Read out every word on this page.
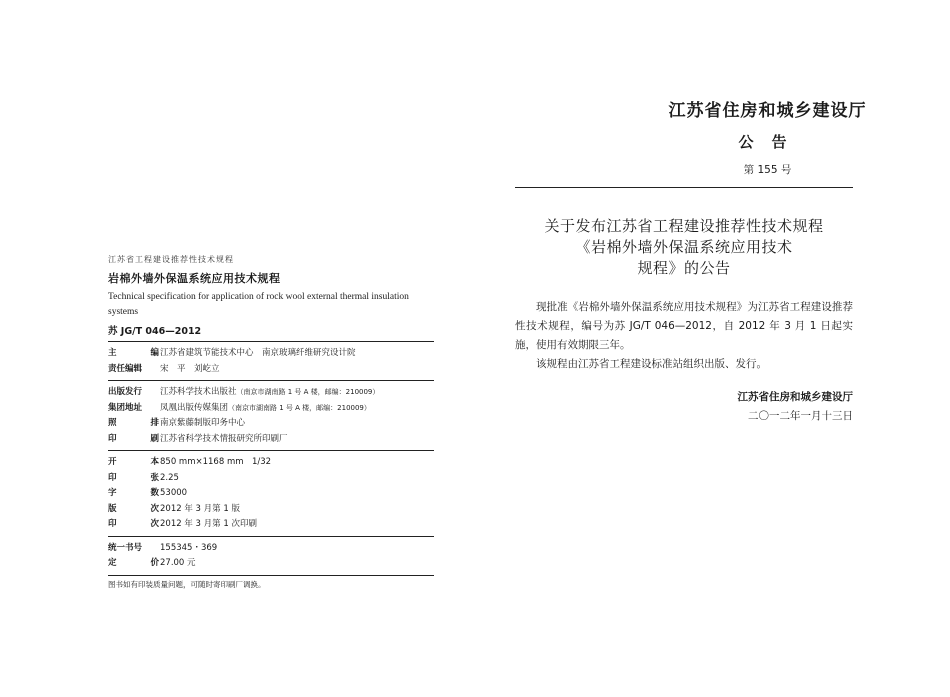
江苏省工程建设推荐性技术规程
岩棉外墙外保温系统应用技术规程
Technical specification for application of rock wool external thermal insulation systems
苏 JG/T 046—2012
主	编 江苏省建筑节能技术中心　南京玻璃纤维研究设计院
责任编辑 宋　平　刘屹立
出版发行 江苏科学技术出版社（南京市湖南路 1 号 A 楼，邮编：210009）
集团地址 凤凰出版传媒集团（南京市湖南路 1 号 A 楼，邮编：210009）
照	排 南京紫藤制版印务中心
印	刷 江苏省科学技术情报研究所印刷厂
开	本 850 mm×1168 mm　1/32
印	张 2.25
字	数 53000
版	次 2012 年 3 月第 1 版
印	次 2012 年 3 月第 1 次印刷
统一书号 155345・369
定	价 27.00 元
图书如有印装质量问题，可随时寄印刷厂调换。
江苏省住房和城乡建设厅
公告
第 155 号
关于发布江苏省工程建设推荐性技术规程
《岩棉外墙外保温系统应用技术
规程》的公告

现批准《岩棉外墙外保温系统应用技术规程》为江苏省工程建设推荐性技术规程，编号为苏 JG/T 046—2012，自 2012 年 3 月 1 日起实施，使用有效期限三年。

该规程由江苏省工程建设标准站组织出版、发行。

江苏省住房和城乡建设厅
二〇一二年一月十三日
